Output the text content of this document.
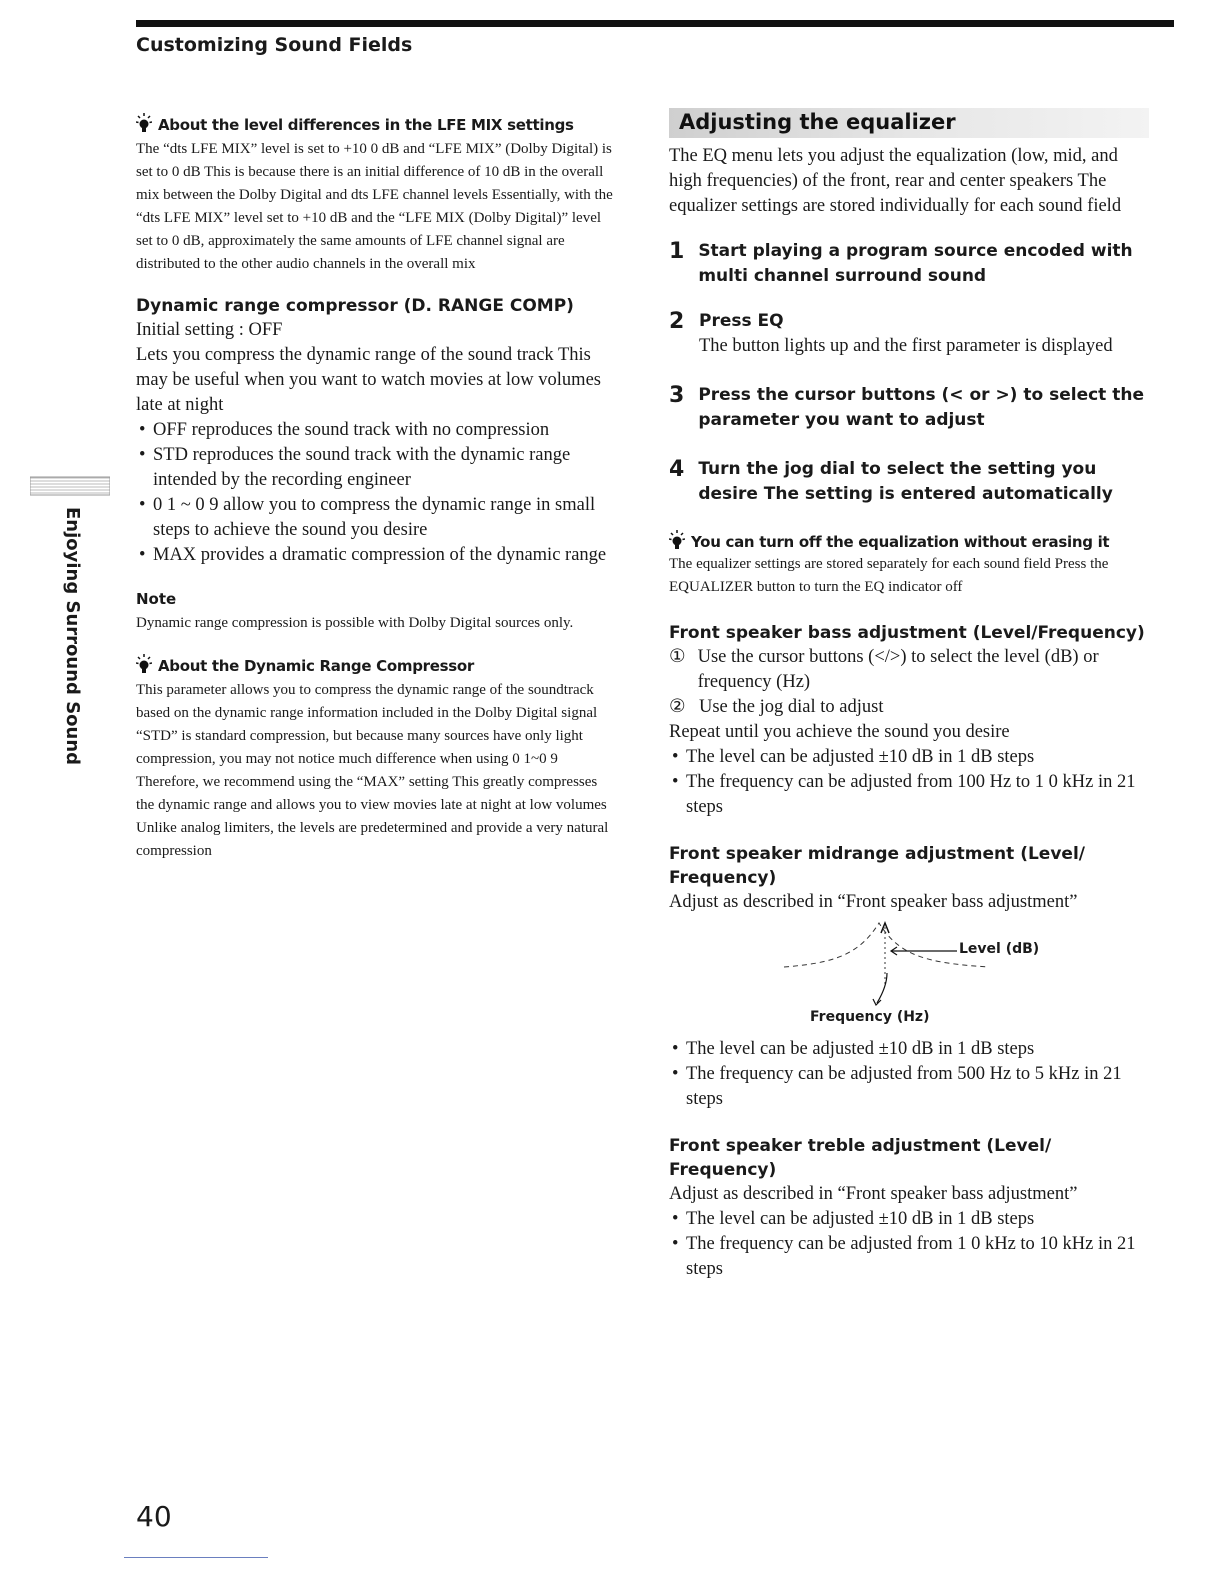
Customizing Sound Fields
Enjoying Surround Sound
About the level differences in the LFE MIX settings
The “dts LFE MIX” level is set to +10 0 dB and “LFE MIX” (Dolby Digital) is set to 0 dB This is because there is an initial difference of 10 dB in the overall mix between the Dolby Digital and dts LFE channel levels Essentially, with the “dts LFE MIX” level set to +10 dB and the “LFE MIX (Dolby Digital)” level set to 0 dB, approximately the same amounts of LFE channel signal are distributed to the other audio channels in the overall mix
Dynamic range compressor (D. RANGE COMP)
Initial setting : OFF
Lets you compress the dynamic range of the sound track This may be useful when you want to watch movies at low volumes late at night
• OFF reproduces the sound track with no compression
• STD reproduces the sound track with the dynamic range intended by the recording engineer
• 0 1 ~ 0 9 allow you to compress the dynamic range in small steps to achieve the sound you desire
• MAX provides a dramatic compression of the dynamic range
Note
Dynamic range compression is possible with Dolby Digital sources only.
About the Dynamic Range Compressor
This parameter allows you to compress the dynamic range of the soundtrack based on the dynamic range information included in the Dolby Digital signal “STD” is standard compression, but because many sources have only light compression, you may not notice much difference when using 0 1~0 9
Therefore, we recommend using the “MAX” setting This greatly compresses the dynamic range and allows you to view movies late at night at low volumes Unlike analog limiters, the levels are predetermined and provide a very natural compression
Adjusting the equalizer
The EQ menu lets you adjust the equalization (low, mid, and high frequencies) of the front, rear and center speakers The equalizer settings are stored individually for each sound field
1 Start playing a program source encoded with multi channel surround sound
2 Press EQ
The button lights up and the first parameter is displayed
3 Press the cursor buttons (< or >) to select the parameter you want to adjust
4 Turn the jog dial to select the setting you desire The setting is entered automatically
You can turn off the equalization without erasing it
The equalizer settings are stored separately for each sound field Press the EQUALIZER button to turn the EQ indicator off
Front speaker bass adjustment (Level/Frequency)
① Use the cursor buttons (</>) to select the level (dB) or frequency (Hz)
② Use the jog dial to adjust
Repeat until you achieve the sound you desire
• The level can be adjusted ±10 dB in 1 dB steps
• The frequency can be adjusted from 100 Hz to 1 0 kHz in 21 steps
Front speaker midrange adjustment (Level/ Frequency)
Adjust as described in “Front speaker bass adjustment”
Level (dB)
Frequency (Hz)
• The level can be adjusted ±10 dB in 1 dB steps
• The frequency can be adjusted from 500 Hz to 5 kHz in 21 steps
Front speaker treble adjustment (Level/ Frequency)
Adjust as described in “Front speaker bass adjustment”
• The level can be adjusted ±10 dB in 1 dB steps
• The frequency can be adjusted from 1 0 kHz to 10 kHz in 21 steps
40
